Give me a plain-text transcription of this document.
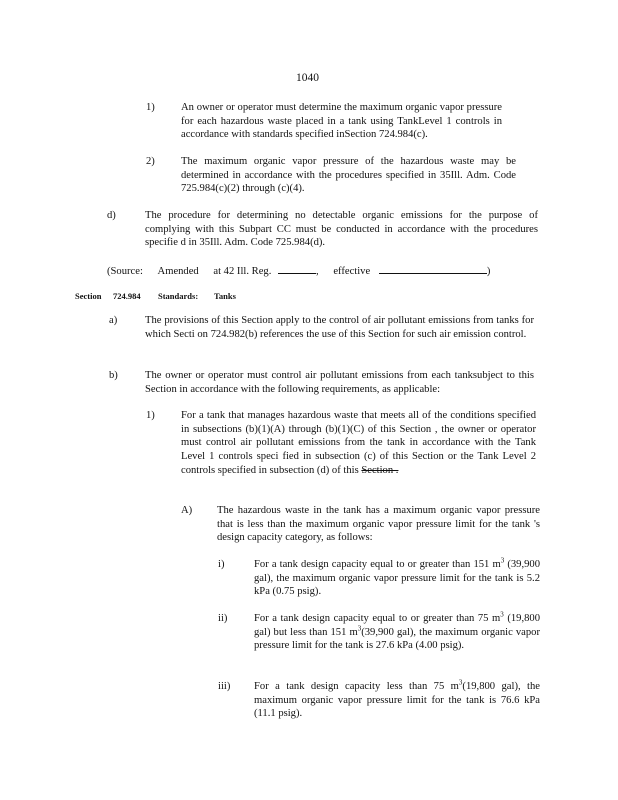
1040
1) An owner or operator must determine the maximum organic vapor pressure for each hazardous waste placed in a tank using TankLevel 1 controls in accordance with standards specified inSection 724.984(c).
2) The maximum organic vapor pressure of the hazardous waste may be determined in accordance with the procedures specified in 35Ill. Adm. Code 725.984(c)(2) through (c)(4).
d)	The procedure for determining no detectable organic emissions for the purpose of complying with this Subpart CC must be conducted in accordance with the procedures specifie d in 35Ill. Adm. Code 725.984(d).
(Source: Amended at 42 Ill. Reg.	, effective	)
Section 724.984 Standards: Tanks
a)	The provisions of this Section apply to the control of air pollutant emissions from tanks for which Secti on 724.982(b) references the use of this Section for such air emission control.
b)	The owner or operator must control air pollutant emissions from each tanksubject to this Section in accordance with the following requirements, as applicable:
1) For a tank that manages hazardous waste that meets all of the conditions specified in subsections (b)(1)(A) through (b)(1)(C) of this Section , the owner or operator must control air pollutant emissions from the tank in accordance with the Tank Level 1 controls speci fied in subsection (c) of this Section or the Tank Level 2 controls specified in subsection (d) of this Section .
A) The hazardous waste in the tank has a maximum organic vapor pressure that is less than the maximum organic vapor pressure limit for the tank 's design capacity category, as follows:
i)	For a tank design capacity equal to or greater than 151 $m^3$ (39,900 gal), the maximum organic vapor pressure limit for the tank is 5.2 kPa (0.75 psig).
ii)	For a tank design capacity equal to or greater than 75 $m^3$ (19,800 gal) but less than 151 $m^3(39,900$ gal), the maximum organic vapor pressure limit for the tank is 27.6 kPa (4.00 psig).
iii) For a tank design capacity less than 75 $m^3(19,800$ gal), the maximum organic vapor pressure limit for the tank is 76.6 kPa (11.1 psig).
